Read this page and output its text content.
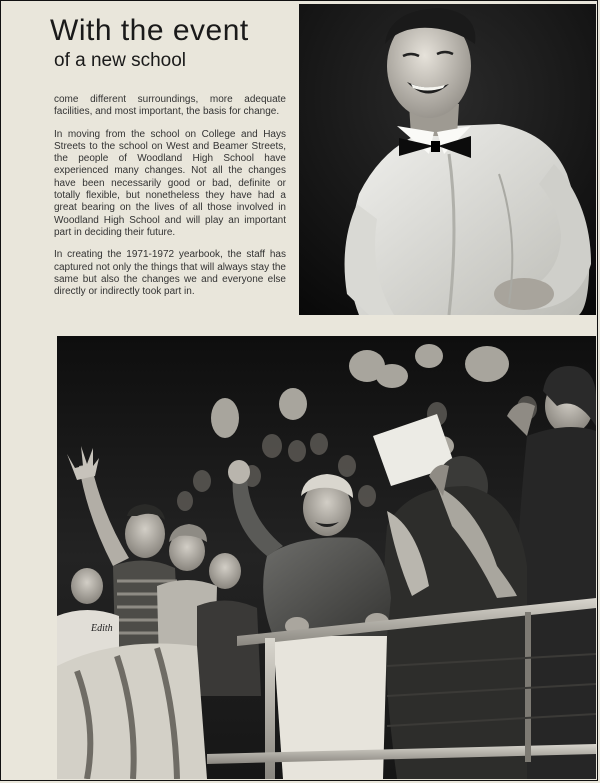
With the event
of a new school

come different surroundings, more adequate facilities, and most important, the basis for change.

In moving from the school on College and Hays Streets to the school on West and Beamer Streets, the people of Woodland High School have experienced many changes. Not all the changes have been necessarily good or bad, definite or totally flexible, but nonetheless they have had a great bearing on the lives of all those involved in Woodland High School and will play an important part in deciding their future.

In creating the 1971-1972 yearbook, the staff has captured not only the things that will always stay the same but also the changes we and everyone else directly or indirectly took part in.

Edith
